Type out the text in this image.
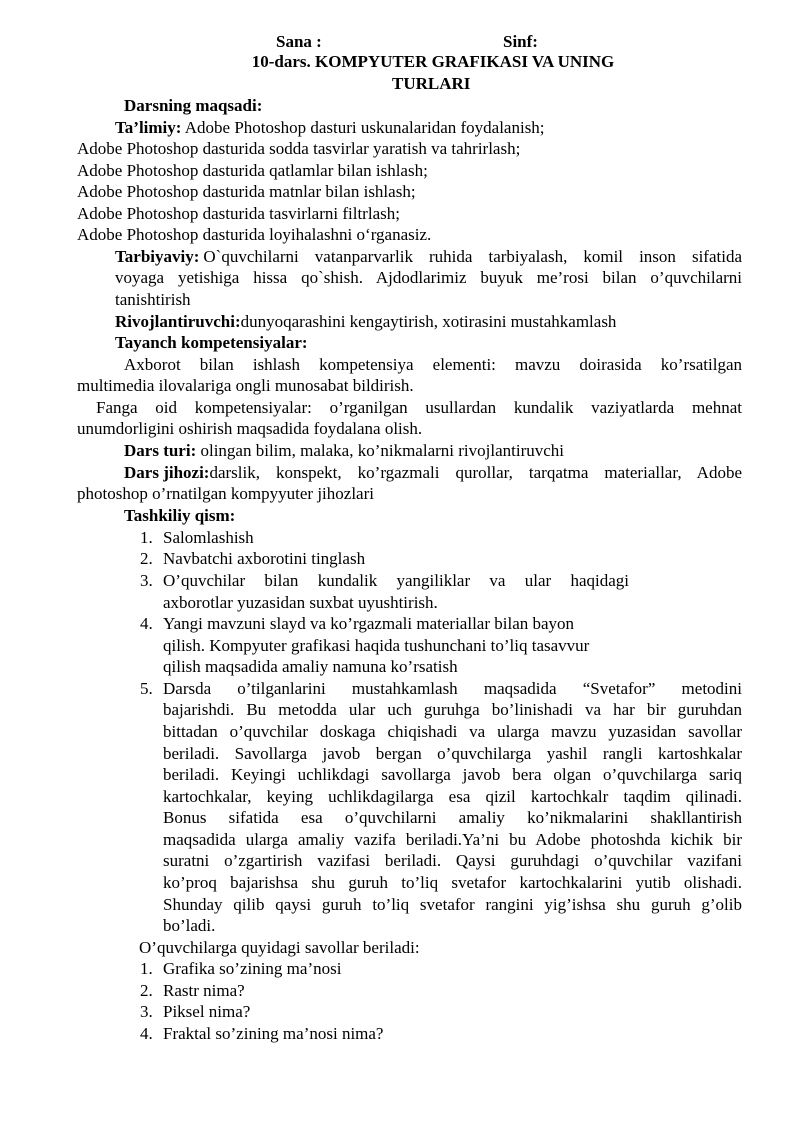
Sana :	Sinf:
10-dars. KOMPYUTER GRAFIKASI VA UNING
TURLARI
Darsning maqsadi:
Ta’limiy: Adobe Photoshop dasturi uskunalaridan foydalanish;
Adobe Photoshop dasturida sodda tasvirlar yaratish va tahrirlash;
Adobe Photoshop dasturida qatlamlar bilan ishlash;
Adobe Photoshop dasturida matnlar bilan ishlash;
Adobe Photoshop dasturida tasvirlarni filtrlash;
Adobe Photoshop dasturida loyihalashni o‘rganasiz.
Tarbiyaviy: O`quvchilarni vatanparvarlik ruhida tarbiyalash, komil inson sifatida
voyaga yetishiga hissa qo`shish. Ajdodlarimiz buyuk me’rosi bilan o’quvchilarni
tanishtirish
Rivojlantiruvchi:dunyoqarashini kengaytirish, xotirasini mustahkamlash
Tayanch kompetensiyalar:
Axborot bilan ishlash kompetensiya elementi: mavzu doirasida ko’rsatilgan
multimedia ilovalariga ongli munosabat bildirish.
Fanga oid kompetensiyalar: o’rganilgan usullardan kundalik vaziyatlarda mehnat
unumdorligini oshirish maqsadida foydalana olish.
Dars turi: olingan bilim, malaka, ko’nikmalarni rivojlantiruvchi
Dars jihozi: darslik, konspekt, ko’rgazmali qurollar, tarqatma materiallar, Adobe
photoshop o’rnatilgan kompyyuter jihozlari
Tashkiliy qism:
1. Salomlashish
2. Navbatchi axborotini tinglash
3. O’quvchilar bilan kundalik yangiliklar va ular haqidagi
axborotlar yuzasidan suxbat uyushtirish.
4. Yangi mavzuni slayd va ko’rgazmali materiallar bilan bayon
qilish. Kompyuter grafikasi haqida tushunchani to’liq tasavvur
qilish maqsadida amaliy namuna ko’rsatish
5. Darsda o’tilganlarini mustahkamlash maqsadida “Svetafor” metodini
bajarishdi. Bu metodda ular uch guruhga bo’linishadi va har bir guruhdan
bittadan o’quvchilar doskaga chiqishadi va ularga mavzu yuzasidan savollar
beriladi. Savollarga javob bergan o’quvchilarga yashil rangli kartoshkalar
beriladi. Keyingi uchlikdagi savollarga javob bera olgan o’quvchilarga sariq
kartochkalar, keying uchlikdagilarga esa qizil kartochkalr taqdim qilinadi.
Bonus sifatida esa o’quvchilarni amaliy ko’nikmalarini shakllantirish
maqsadida ularga amaliy vazifa beriladi.Ya’ni bu Adobe photoshda kichik bir
suratni o’zgartirish vazifasi beriladi. Qaysi guruhdagi o’quvchilar vazifani
ko’proq bajarishsa shu guruh to’liq svetafor kartochkalarini yutib olishadi.
Shunday qilib qaysi guruh to’liq svetafor rangini yig’ishsa shu guruh g’olib
bo’ladi.
O’quvchilarga quyidagi savollar beriladi:
1. Grafika so’zining ma’nosi
2. Rastr nima?
3. Piksel nima?
4. Fraktal so’zining ma’nosi nima?
